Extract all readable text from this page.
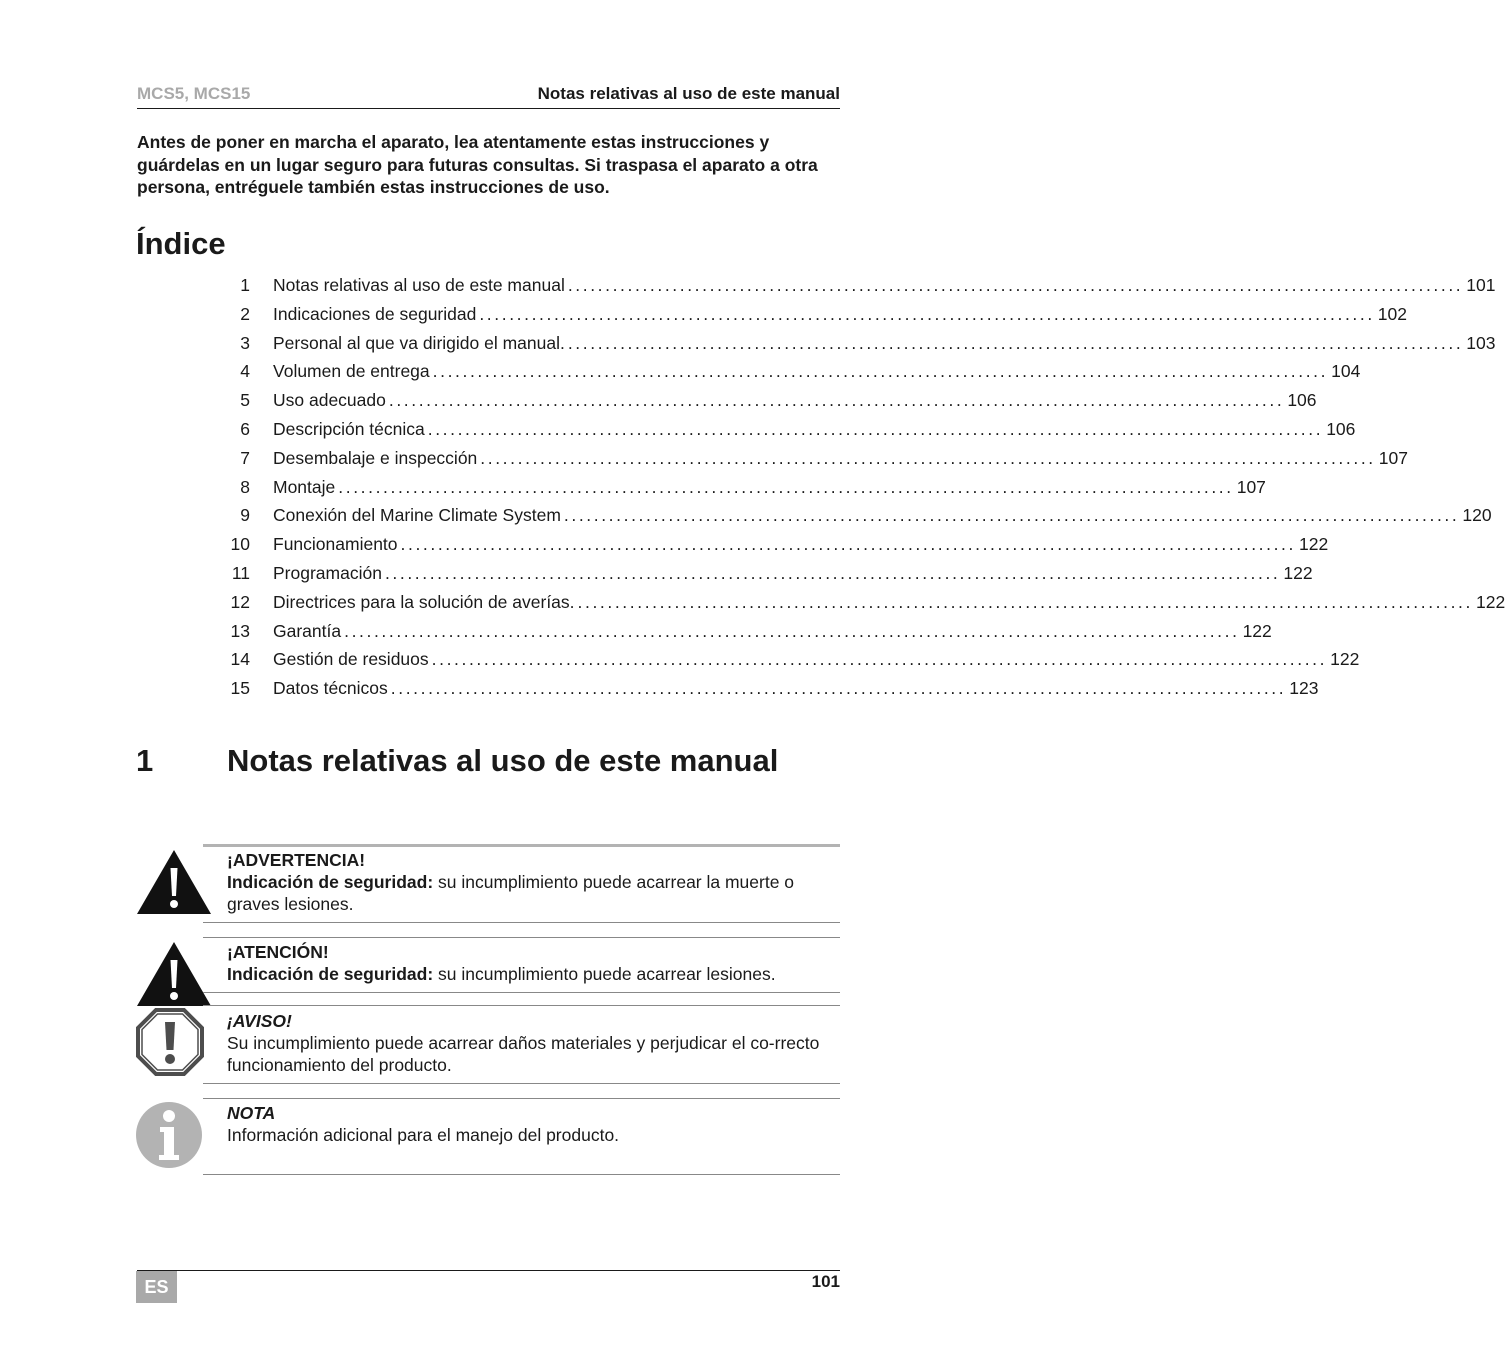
MCS5, MCS15	Notas relativas al uso de este manual
Antes de poner en marcha el aparato, lea atentamente estas instrucciones y guárdelas en un lugar seguro para futuras consultas. Si traspasa el aparato a otra persona, entréguele también estas instrucciones de uso.
Índice
1 Notas relativas al uso de este manual ........................................................................................................................ 101
2 Indicaciones de seguridad ........................................................................................................................ 102
3 Personal al que va dirigido el manual. ........................................................................................................................ 103
4 Volumen de entrega ........................................................................................................................ 104
5 Uso adecuado ........................................................................................................................ 106
6 Descripción técnica ........................................................................................................................ 106
7 Desembalaje e inspección ........................................................................................................................ 107
8 Montaje ........................................................................................................................ 107
9 Conexión del Marine Climate System ........................................................................................................................ 120
10 Funcionamiento ........................................................................................................................ 122
11 Programación ........................................................................................................................ 122
12 Directrices para la solución de averías. ........................................................................................................................ 122
13 Garantía ........................................................................................................................ 122
14 Gestión de residuos ........................................................................................................................ 122
15 Datos técnicos ........................................................................................................................ 123
1 Notas relativas al uso de este manual
¡ADVERTENCIA!
Indicación de seguridad: su incumplimiento puede acarrear la muerte o graves lesiones.
¡ATENCIÓN!
Indicación de seguridad: su incumplimiento puede acarrear lesiones.
¡AVISO!
Su incumplimiento puede acarrear daños materiales y perjudicar el co-rrecto funcionamiento del producto.
NOTA
Información adicional para el manejo del producto.
ES	101
